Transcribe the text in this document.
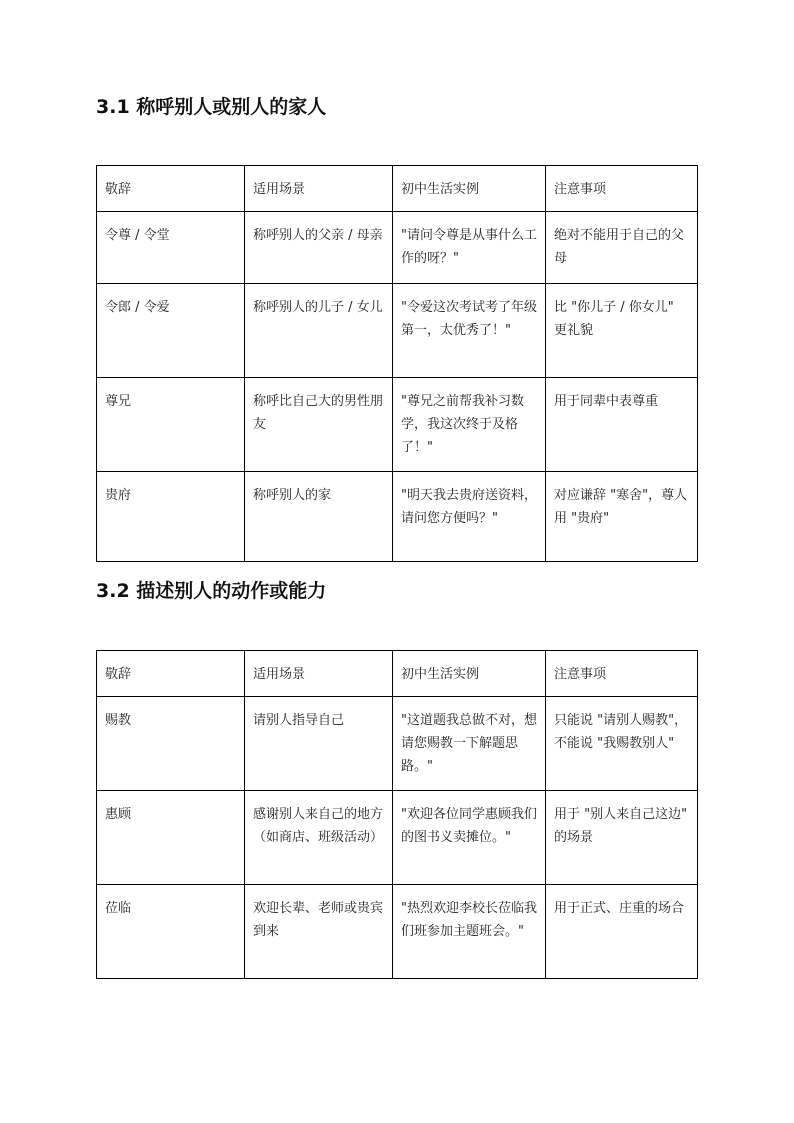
3.1 称呼别人或别人的家人
敬辞	适用场景	初中生活实例	注意事项
令尊 / 令堂	称呼别人的父亲 / 母亲	"请问令尊是从事什么工作的呀？"	绝对不能用于自己的父母
令郎 / 令爱	称呼别人的儿子 / 女儿	"令爱这次考试考了年级第一，太优秀了！"	比 "你儿子 / 你女儿" 更礼貌
尊兄	称呼比自己大的男性朋友	"尊兄之前帮我补习数学，我这次终于及格了！"	用于同辈中表尊重
贵府	称呼别人的家	"明天我去贵府送资料，请问您方便吗？"	对应谦辞 "寒舍"，尊人用 "贵府"
3.2 描述别人的动作或能力
敬辞	适用场景	初中生活实例	注意事项
赐教	请别人指导自己	"这道题我总做不对，想请您赐教一下解题思路。"	只能说 "请别人赐教"，不能说 "我赐教别人"
惠顾	感谢别人来自己的地方（如商店、班级活动）	"欢迎各位同学惠顾我们的图书义卖摊位。"	用于 "别人来自己这边" 的场景
莅临	欢迎长辈、老师或贵宾到来	"热烈欢迎李校长莅临我们班参加主题班会。"	用于正式、庄重的场合
